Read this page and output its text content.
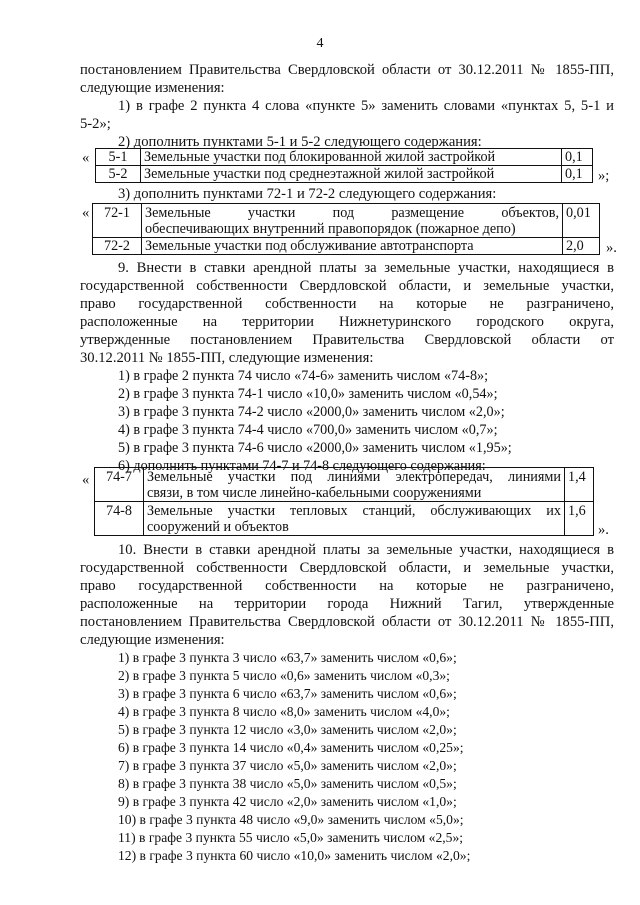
4
постановлением Правительства Свердловской области от 30.12.2011 № 1855-ПП,
следующие изменения:
1) в графе 2 пункта 4 слова «пункте 5» заменить словами «пунктах 5, 5-1 и
5-2»;
2) дополнить пунктами 5-1 и 5-2 следующего содержания:
« 5-1	Земельные участки под блокированной жилой застройкой	0,1
5-2	Земельные участки под среднеэтажной жилой застройкой	0,1 »;
3) дополнить пунктами 72-1 и 72-2 следующего содержания:
« 72-1	Земельные участки под размещение объектов,
обеспечивающих внутренний правопорядок (пожарное депо)	0,01
72-2	Земельные участки под обслуживание автотранспорта	2,0 ».
9. Внести в ставки арендной платы за земельные участки, находящиеся в
государственной собственности Свердловской области, и земельные участки,
право государственной собственности на которые не разграничено,
расположенные на территории Нижнетуринского городского округа,
утвержденные постановлением Правительства Свердловской области от
30.12.2011 № 1855-ПП, следующие изменения:
1) в графе 2 пункта 74 число «74-6» заменить числом «74-8»;
2) в графе 3 пункта 74-1 число «10,0» заменить числом «0,54»;
3) в графе 3 пункта 74-2 число «2000,0» заменить числом «2,0»;
4) в графе 3 пункта 74-4 число «700,0» заменить числом «0,7»;
5) в графе 3 пункта 74-6 число «2000,0» заменить числом «1,95»;
6) дополнить пунктами 74-7 и 74-8 следующего содержания:
« 74-7	Земельные участки под линиями электропередач, линиями
связи, в том числе линейно-кабельными сооружениями	1,4
74-8	Земельные участки тепловых станций, обслуживающих их
сооружений и объектов	1,6
».
10. Внести в ставки арендной платы за земельные участки, находящиеся в
государственной собственности Свердловской области, и земельные участки,
право государственной собственности на которые не разграничено,
расположенные на территории города Нижний Тагил, утвержденные
постановлением Правительства Свердловской области от 30.12.2011 № 1855-ПП,
следующие изменения:
1) в графе 3 пункта 3 число «63,7» заменить числом «0,6»;
2) в графе 3 пункта 5 число «0,6» заменить числом «0,3»;
3) в графе 3 пункта 6 число «63,7» заменить числом «0,6»;
4) в графе 3 пункта 8 число «8,0» заменить числом «4,0»;
5) в графе 3 пункта 12 число «3,0» заменить числом «2,0»;
6) в графе 3 пункта 14 число «0,4» заменить числом «0,25»;
7) в графе 3 пункта 37 число «5,0» заменить числом «2,0»;
8) в графе 3 пункта 38 число «5,0» заменить числом «0,5»;
9) в графе 3 пункта 42 число «2,0» заменить числом «1,0»;
10) в графе 3 пункта 48 число «9,0» заменить числом «5,0»;
11) в графе 3 пункта 55 число «5,0» заменить числом «2,5»;
12) в графе 3 пункта 60 число «10,0» заменить числом «2,0»;
